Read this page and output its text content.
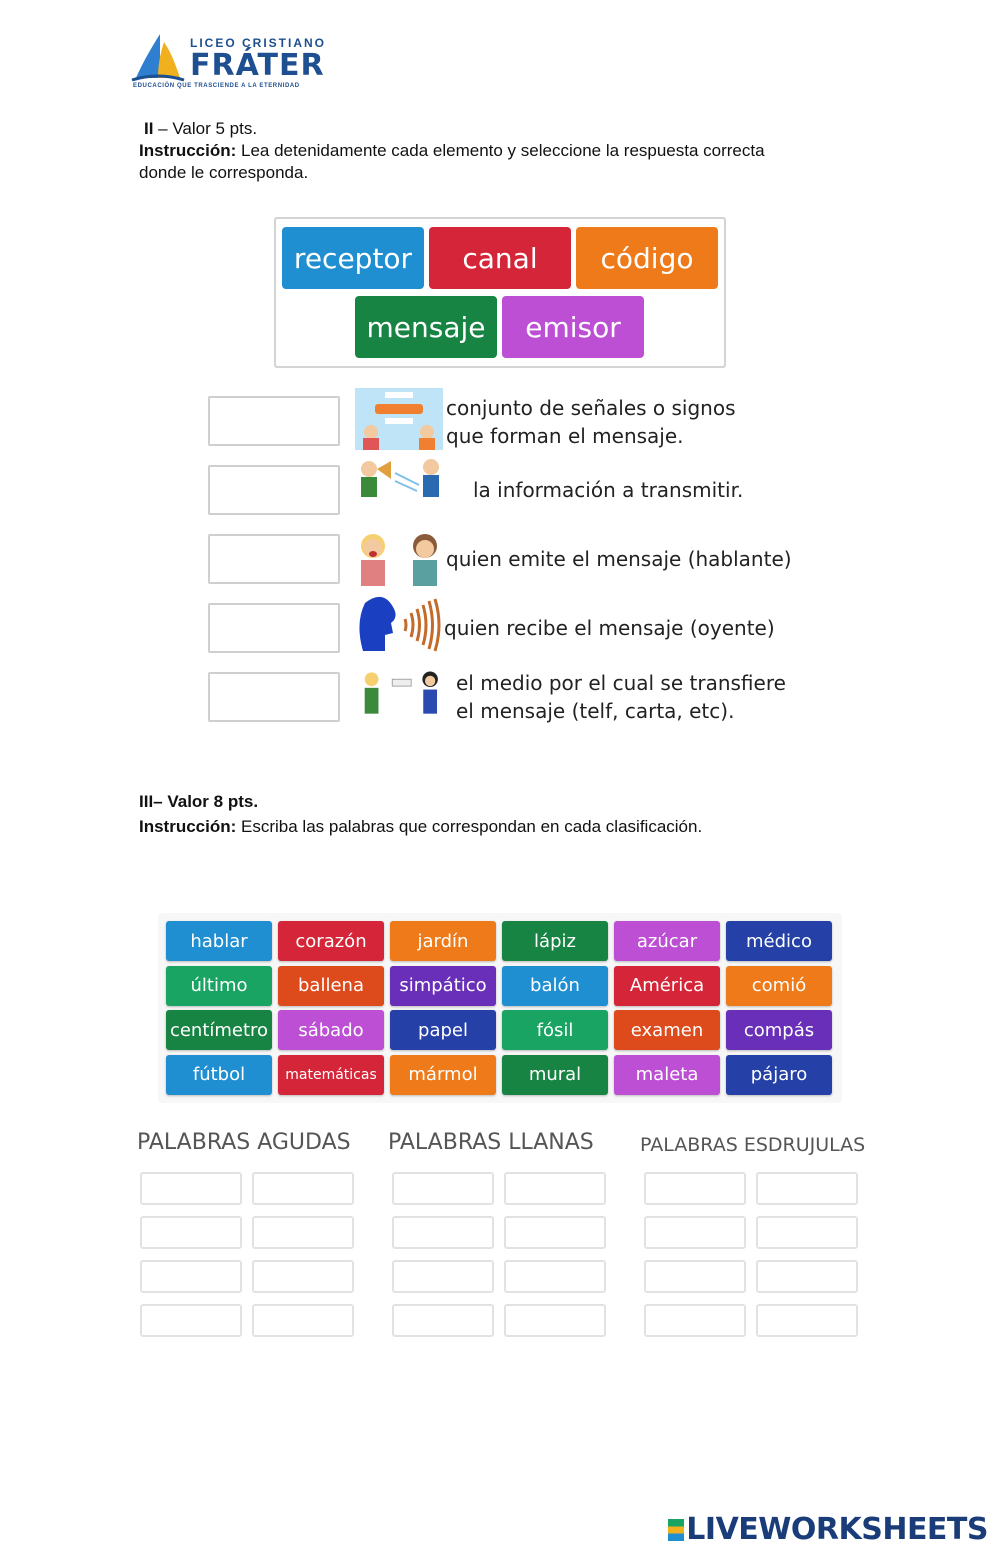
LICEO CRISTIANO
FRÁTER
EDUCACIÓN QUE TRASCIENDE A LA ETERNIDAD
II – Valor 5 pts.
Instrucción: Lea detenidamente cada elemento y seleccione la respuesta correcta
donde le corresponda.
receptor	canal	código
mensaje	emisor
conjunto de señales o signos
que forman el mensaje.
la información a transmitir.
quien emite el mensaje (hablante)
quien recibe el mensaje (oyente)
el medio por el cual se transfiere
el mensaje (telf, carta, etc).
III– Valor 8 pts.
Instrucción: Escriba las palabras que correspondan en cada clasificación.
hablar	corazón	jardín	lápiz	azúcar	médico
último	ballena	simpático	balón	América	comió
centímetro	sábado	papel	fósil	examen	compás
fútbol	matemáticas	mármol	mural	maleta	pájaro
PALABRAS AGUDAS PALABRAS LLANAS PALABRAS ESDRUJULAS
LIVEWORKSHEETS
